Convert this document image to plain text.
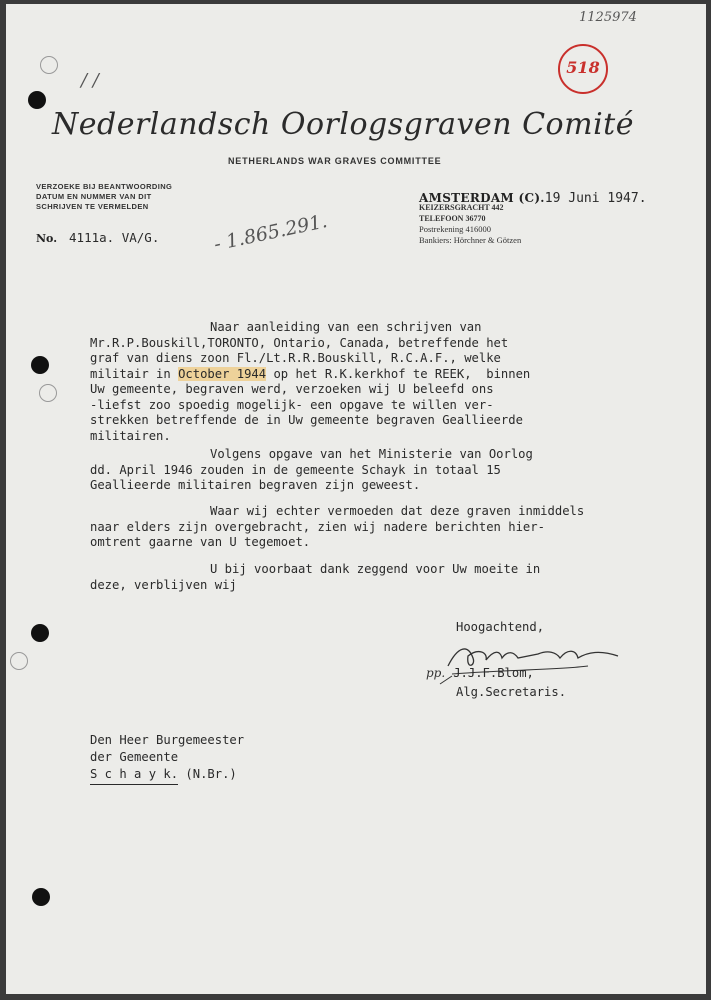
1125974
518
/ /
Nederlandsch Oorlogsgraven Comité
NETHERLANDS WAR GRAVES COMMITTEE
VERZOEKE BIJ BEANTWOORDING
DATUM EN NUMMER VAN DIT
SCHRIJVEN TE VERMELDEN
AMSTERDAM (C).19 Juni 1947.
KEIZERSGRACHT 442
TELEFOON 36770
Postrekening 416000
Bankiers: Hörchner & Götzen
No. 4111a. VA/G.	- 1.865.291.
Naar aanleiding van een schrijven van
Mr.R.P.Bouskill,TORONTO, Ontario, Canada, betreffende het
graf van diens zoon Fl./Lt.R.R.Bouskill, R.C.A.F., welke
militair in October 1944 op het R.K.kerkhof te REEK,  binnen
Uw gemeente, begraven werd, verzoeken wij U beleefd ons
-liefst zoo spoedig mogelijk- een opgave te willen ver-
strekken betreffende de in Uw gemeente begraven Geallieerde
militairen.
Volgens opgave van het Ministerie van Oorlog
dd. April 1946 zouden in de gemeente Schayk in totaal 15
Geallieerde militairen begraven zijn geweest.
Waar wij echter vermoeden dat deze graven inmiddels
naar elders zijn overgebracht, zien wij nadere berichten hier-
omtrent gaarne van U tegemoet.
U bij voorbaat dank zeggend voor Uw moeite in
deze, verblijven wij
Hoogachtend,
pp. J.J.F.Blom,
Alg.Secretaris.
Den Heer Burgemeester
der Gemeente
S c h a y k. (N.Br.)
